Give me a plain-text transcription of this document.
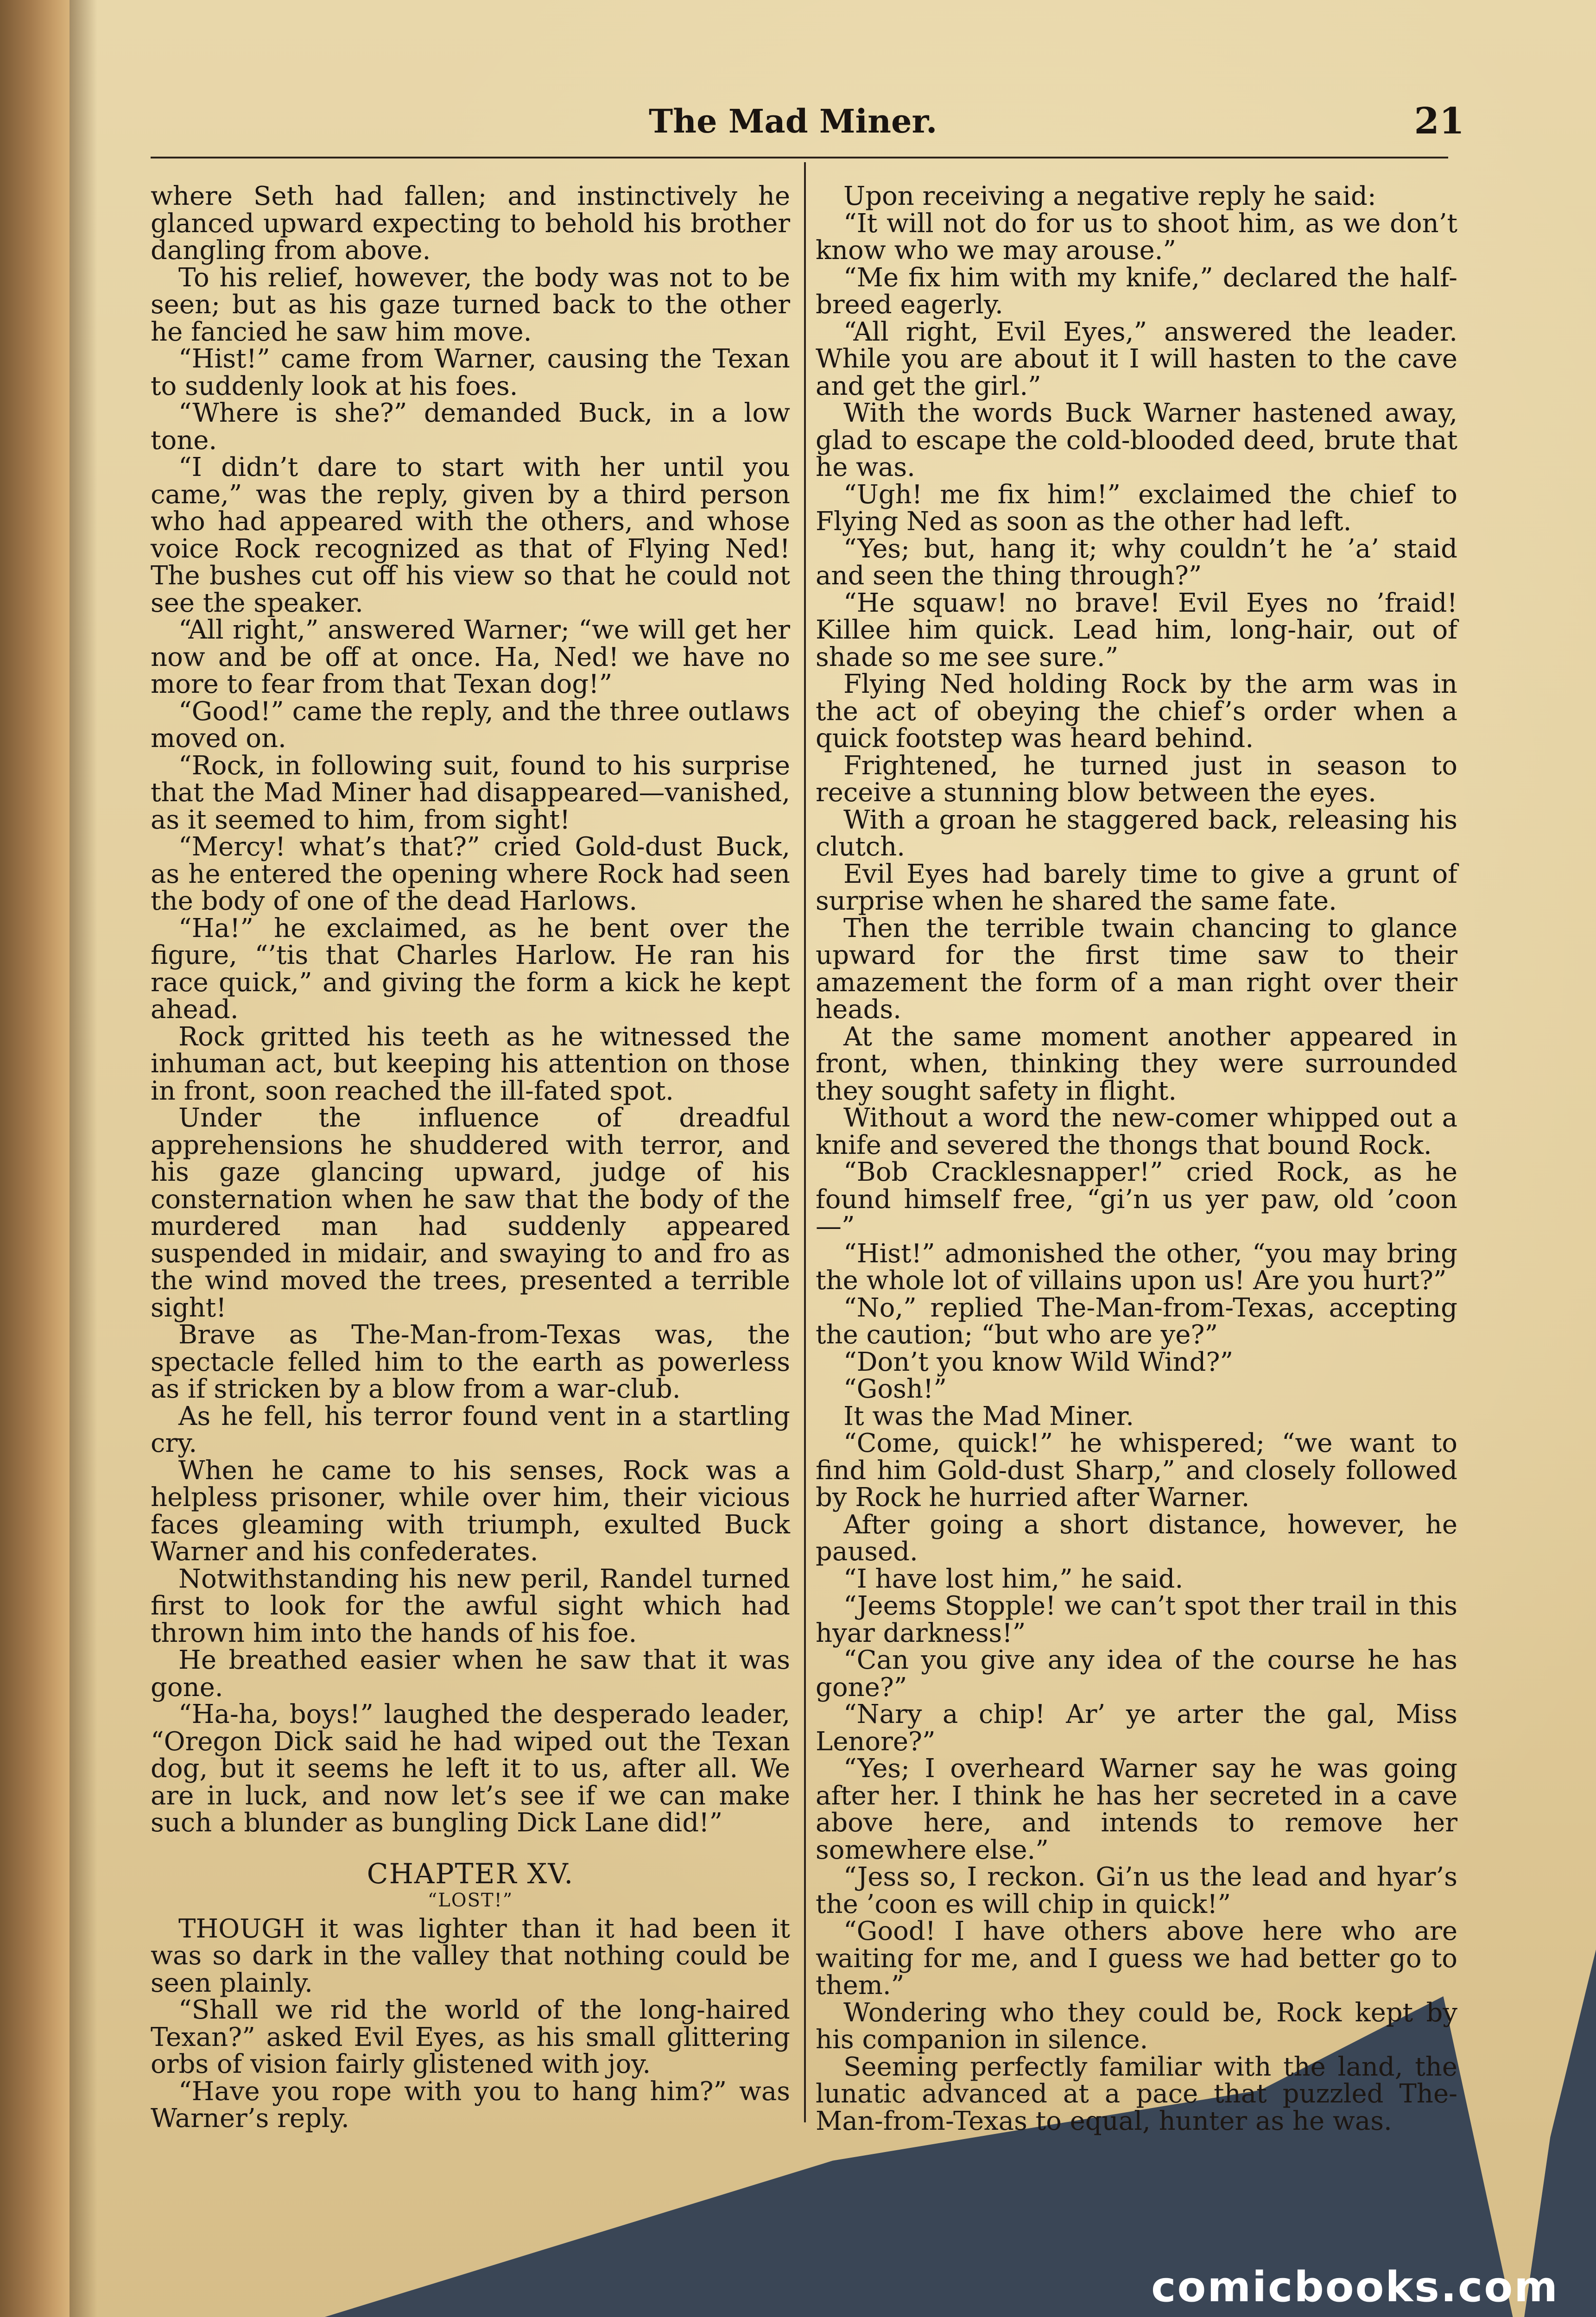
The Mad Miner.	21

where Seth had fallen; and instinctively he glanced upward expecting to behold his brother dangling from above.

To his relief, however, the body was not to be seen; but as his gaze turned back to the other he fancied he saw him move.

“Hist!” came from Warner, causing the Texan to suddenly look at his foes.

“Where is she?” demanded Buck, in a low tone.

“I didn’t dare to start with her until you came,” was the reply, given by a third person who had appeared with the others, and whose voice Rock recognized as that of Flying Ned! The bushes cut off his view so that he could not see the speaker.

“All right,” answered Warner; “we will get her now and be off at once. Ha, Ned! we have no more to fear from that Texan dog!”

“Good!” came the reply, and the three outlaws moved on.

“Rock, in following suit, found to his surprise that the Mad Miner had disappeared—vanished, as it seemed to him, from sight!

“Mercy! what’s that?” cried Gold-dust Buck, as he entered the opening where Rock had seen the body of one of the dead Harlows.

“Ha!” he exclaimed, as he bent over the figure, “’tis that Charles Harlow. He ran his race quick,” and giving the form a kick he kept ahead.

Rock gritted his teeth as he witnessed the inhuman act, but keeping his attention on those in front, soon reached the ill-fated spot.

Under the influence of dreadful apprehensions he shuddered with terror, and his gaze glancing upward, judge of his consternation when he saw that the body of the murdered man had suddenly appeared suspended in midair, and swaying to and fro as the wind moved the trees, presented a terrible sight!

Brave as The-Man-from-Texas was, the spectacle felled him to the earth as powerless as if stricken by a blow from a war-club.

As he fell, his terror found vent in a startling cry.

When he came to his senses, Rock was a helpless prisoner, while over him, their vicious faces gleaming with triumph, exulted Buck Warner and his confederates.

Notwithstanding his new peril, Randel turned first to look for the awful sight which had thrown him into the hands of his foe.

He breathed easier when he saw that it was gone.

“Ha-ha, boys!” laughed the desperado leader, “Oregon Dick said he had wiped out the Texan dog, but it seems he left it to us, after all. We are in luck, and now let’s see if we can make such a blunder as bungling Dick Lane did!”

CHAPTER XV.
“LOST!”

THOUGH it was lighter than it had been it was so dark in the valley that nothing could be seen plainly.

“Shall we rid the world of the long-haired Texan?” asked Evil Eyes, as his small glittering orbs of vision fairly glistened with joy.

“Have you rope with you to hang him?” was Warner’s reply.

Upon receiving a negative reply he said:

“It will not do for us to shoot him, as we don’t know who we may arouse.”

“Me fix him with my knife,” declared the half-breed eagerly.

“All right, Evil Eyes,” answered the leader. While you are about it I will hasten to the cave and get the girl.”

With the words Buck Warner hastened away, glad to escape the cold-blooded deed, brute that he was.

“Ugh! me fix him!” exclaimed the chief to Flying Ned as soon as the other had left.

“Yes; but, hang it; why couldn’t he ’a’ staid and seen the thing through?”

“He squaw! no brave! Evil Eyes no ’fraid! Killee him quick. Lead him, long-hair, out of shade so me see sure.”

Flying Ned holding Rock by the arm was in the act of obeying the chief’s order when a quick footstep was heard behind.

Frightened, he turned just in season to receive a stunning blow between the eyes.

With a groan he staggered back, releasing his clutch.

Evil Eyes had barely time to give a grunt of surprise when he shared the same fate.

Then the terrible twain chancing to glance upward for the first time saw to their amazement the form of a man right over their heads.

At the same moment another appeared in front, when, thinking they were surrounded they sought safety in flight.

Without a word the new-comer whipped out a knife and severed the thongs that bound Rock.

“Bob Cracklesnapper!” cried Rock, as he found himself free, “gi’n us yer paw, old ’coon—”

“Hist!” admonished the other, “you may bring the whole lot of villains upon us! Are you hurt?”

“No,” replied The-Man-from-Texas, accepting the caution; “but who are ye?”

“Don’t you know Wild Wind?”

“Gosh!”

It was the Mad Miner.

“Come, quick!” he whispered; “we want to find him Gold-dust Sharp,” and closely followed by Rock he hurried after Warner.

After going a short distance, however, he paused.

“I have lost him,” he said.

“Jeems Stopple! we can’t spot ther trail in this hyar darkness!”

“Can you give any idea of the course he has gone?”

“Nary a chip! Ar’ ye arter the gal, Miss Lenore?”

“Yes; I overheard Warner say he was going after her. I think he has her secreted in a cave above here, and intends to remove her somewhere else.”

“Jess so, I reckon. Gi’n us the lead and hyar’s the ’coon es will chip in quick!”

“Good! I have others above here who are waiting for me, and I guess we had better go to them.”

Wondering who they could be, Rock kept by his companion in silence.

Seeming perfectly familiar with the land, the lunatic advanced at a pace that puzzled The-Man-from-Texas to equal, hunter as he was.

comicbooks.com
